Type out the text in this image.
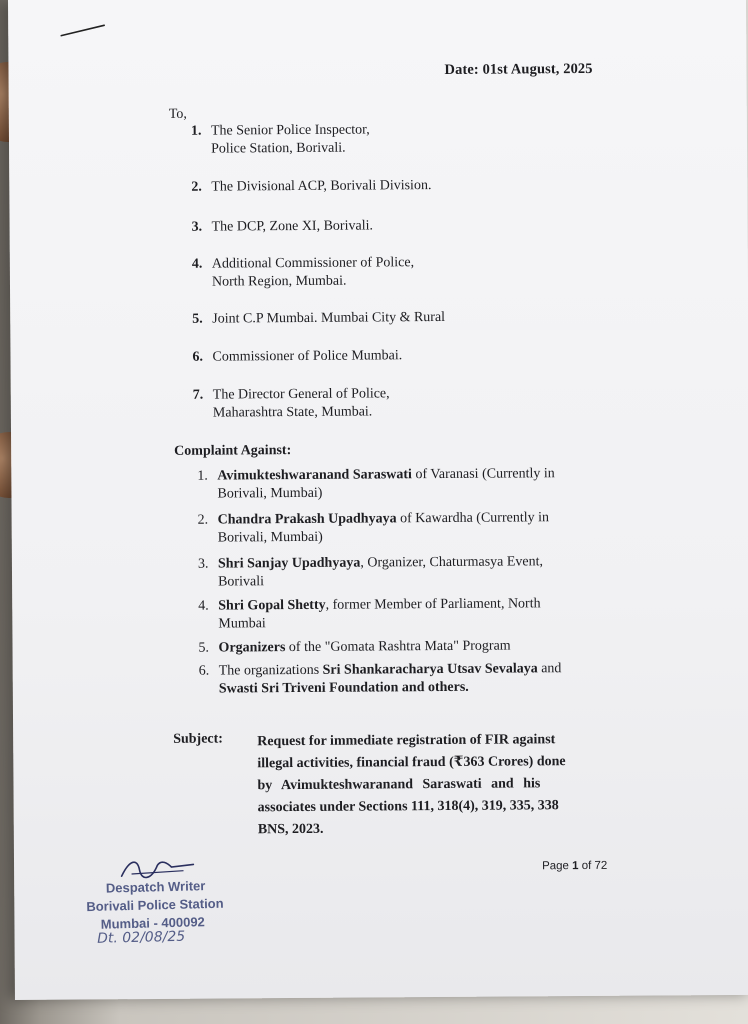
Date: 01st August, 2025
To,
1. The Senior Police Inspector,
Police Station, Borivali.
2. The Divisional ACP, Borivali Division.
3. The DCP, Zone XI, Borivali.
4. Additional Commissioner of Police,
North Region, Mumbai.
5. Joint C.P Mumbai. Mumbai City & Rural
6. Commissioner of Police Mumbai.
7. The Director General of Police,
Maharashtra State, Mumbai.
Complaint Against:
1. Avimukteshwaranand Saraswati of Varanasi (Currently in
Borivali, Mumbai)
2. Chandra Prakash Upadhyaya of Kawardha (Currently in
Borivali, Mumbai)
3. Shri Sanjay Upadhyaya, Organizer, Chaturmasya Event,
Borivali
4. Shri Gopal Shetty, former Member of Parliament, North
Mumbai
5. Organizers of the "Gomata Rashtra Mata" Program
6. The organizations Sri Shankaracharya Utsav Sevalaya and
Swasti Sri Triveni Foundation and others.
Subject: Request for immediate registration of FIR against
illegal activities, financial fraud (₹363 Crores) done
by Avimukteshwaranand Saraswati and his
associates under Sections 111, 318(4), 319, 335, 338
BNS, 2023.
Page 1 of 72
Despatch Writer
Borivali Police Station
Mumbai - 400092
Dt. 02/08/25
